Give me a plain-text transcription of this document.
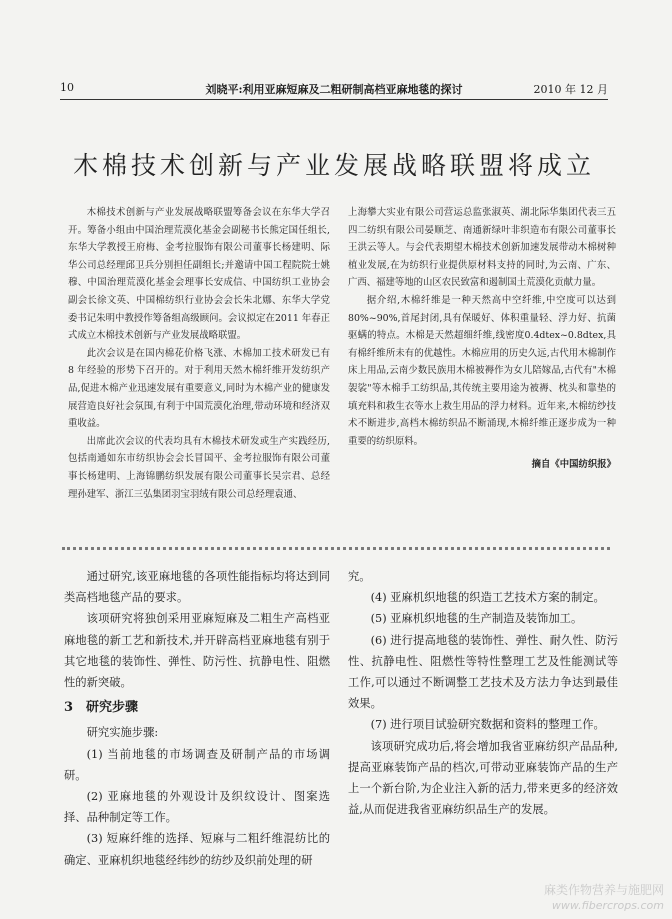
10	刘晓平:利用亚麻短麻及二粗研制高档亚麻地毯的探讨	2010 年 12 月
木棉技术创新与产业发展战略联盟将成立

木棉技术创新与产业发展战略联盟筹备会议在东华大学召开。筹备小组由中国治理荒漠化基金会副秘书长熊定国任组长,东华大学教授王府梅、金考拉服饰有限公司董事长杨建明、际华公司总经理邱卫兵分别担任副组长;并邀请中国工程院院士姚穆、中国治理荒漠化基金会理事长安成信、中国纺织工业协会副会长徐文英、中国棉纺织行业协会会长朱北娜、东华大学党委书记朱明中教授作筹备组高级顾问。会议拟定在2011 年春正式成立木棉技术创新与产业发展战略联盟。

此次会议是在国内棉花价格飞涨、木棉加工技术研发已有 8 年经验的形势下召开的。对于利用天然木棉纤维开发纺织产品,促进木棉产业迅速发展有重要意义,同时为木棉产业的健康发展营造良好社会氛围,有利于中国荒漠化治理,带动环境和经济双重收益。

出席此次会议的代表均具有木棉技术研发或生产实践经历,包括南通如东市纺织协会会长冒国平、金考拉服饰有限公司董事长杨建明、上海锦鹏纺织发展有限公司董事长吴宗君、总经理孙建军、浙江三弘集团羽宝羽绒有限公司总经理袁通、

上海攀大实业有限公司营运总监张淑英、湖北际华集团代表三五四二纺织有限公司晏顺芝、南通新绿叶非织造布有限公司董事长王洪云等人。与会代表期望木棉技术创新加速发展带动木棉树种植业发展,在为纺织行业提供原材料支持的同时,为云南、广东、广西、福建等地的山区农民致富和遏制国土荒漠化贡献力量。

据介绍,木棉纤维是一种天然高中空纤维,中空度可以达到 80%~90%,首尾封闭,具有保暖好、体积重量轻、浮力好、抗菌驱螨的特点。木棉是天然超细纤维,线密度0.4dtex~0.8dtex,具有棉纤维所未有的优越性。木棉应用的历史久远,古代用木棉制作床上用品,云南少数民族用木棉被褥作为女儿陪嫁品,古代有"木棉袈裟"等木棉手工纺织品,其传统主要用途为被褥、枕头和靠垫的填充料和救生衣等水上救生用品的浮力材料。近年来,木棉纺纱技术不断进步,高档木棉纺织品不断涌现,木棉纤维正逐步成为一种重要的纺织原料。

摘自《中国纺织报》

通过研究,该亚麻地毯的各项性能指标均将达到同类高档地毯产品的要求。

该项研究将独创采用亚麻短麻及二粗生产高档亚麻地毯的新工艺和新技术,并开辟高档亚麻地毯有别于其它地毯的装饰性、弹性、防污性、抗静电性、阻燃性的新突破。

3 研究步骤

研究实施步骤:

(1) 当前地毯的市场调查及研制产品的市场调研。

(2) 亚麻地毯的外观设计及织纹设计、图案选择、品种制定等工作。

(3) 短麻纤维的选择、短麻与二粗纤维混纺比的确定、亚麻机织地毯经纬纱的纺纱及织前处理的研

究。

(4) 亚麻机织地毯的织造工艺技术方案的制定。

(5) 亚麻机织地毯的生产制造及装饰加工。

(6) 进行提高地毯的装饰性、弹性、耐久性、防污性、抗静电性、阻燃性等特性整理工艺及性能测试等工作,可以通过不断调整工艺技术及方法力争达到最佳效果。

(7) 进行项目试验研究数据和资料的整理工作。

该项研究成功后,将会增加我省亚麻纺织产品品种,提高亚麻装饰产品的档次,可带动亚麻装饰产品的生产上一个新台阶,为企业注入新的活力,带来更多的经济效益,从而促进我省亚麻纺织品生产的发展。

麻类作物营养与施肥网
www.fibercrops.com
